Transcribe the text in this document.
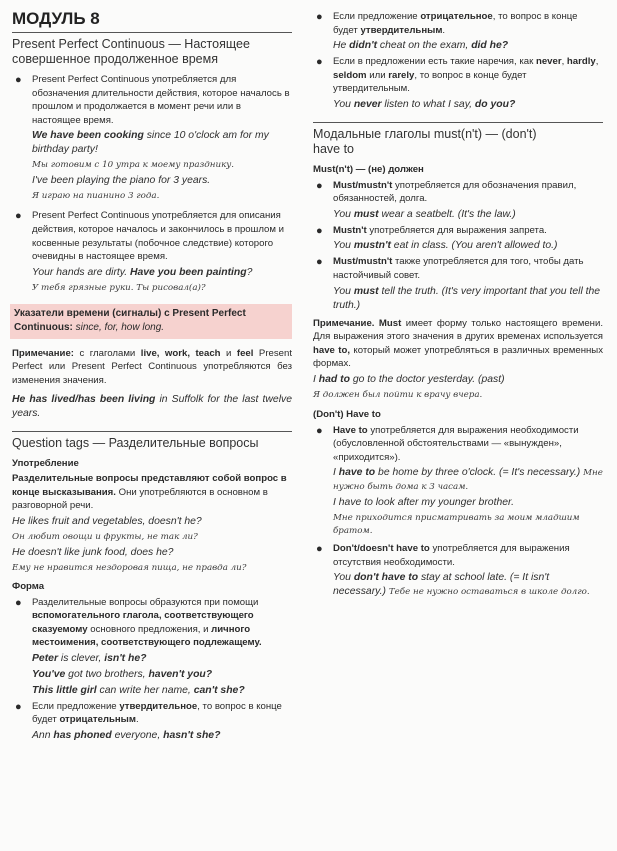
МОДУЛЬ 8
Present Perfect Continuous — Настоящее
совершенное продолженное время
● Present Perfect Continuous употребляется для обозначения длительности действия, которое началось в прошлом и продолжается в момент речи или в настоящее время.

We have been cooking since 10 o'clock am for my birthday party!

Мы готовим с 10 утра к моему празднику.

I've been playing the piano for 3 years.

Я играю на пианино 3 года.

● Present Perfect Continuous употребляется для описания действия, которое началось и закончилось в прошлом и косвенные результаты (побочное следствие) которого очевидны в настоящее время.

Your hands are dirty. Have you been painting?

У тебя грязные руки. Ты рисовал(а)?

Указатели времени (сигналы) с Present Perfect Continuous: since, for, how long.

Примечание: с глаголами live, work, teach и feel Present Perfect или Present Perfect Continuous употребляются без изменения значения.

He has lived/has been living in Suffolk for the last twelve years.

Question tags — Разделительные вопросы

Употребление

Разделительные вопросы представляют собой вопрос в конце высказывания. Они употребляются в основном в разговорной речи.

He likes fruit and vegetables, doesn't he?

Он любит овощи и фрукты, не так ли?

He doesn't like junk food, does he?

Ему не нравится нездоровая пища, не правда ли?

Форма

● Разделительные вопросы образуются при помощи вспомогательного глагола, соответствующего сказуемому основного предложения, и личного местоимения, соответствующего подлежащему.

Peter is clever, isn't he?

You've got two brothers, haven't you?

This little girl can write her name, can't she?

● Если предложение утвердительное, то вопрос в конце будет отрицательным.

Ann has phoned everyone, hasn't she?

● Если предложение отрицательное, то вопрос в конце будет утвердительным.

He didn't cheat on the exam, did he?

● Если в предложении есть такие наречия, как never, hardly, seldom или rarely, то вопрос в конце будет утвердительным.

You never listen to what I say, do you?

Модальные глаголы must(n't) — (don't) have to

Must(n't) — (не) должен

● Must/mustn't употребляется для обозначения правил, обязанностей, долга.

You must wear a seatbelt. (It's the law.)

● Mustn't употребляется для выражения запрета.

You mustn't eat in class. (You aren't allowed to.)

● Must/mustn't также употребляется для того, чтобы дать настойчивый совет.

You must tell the truth. (It's very important that you tell the truth.)

Примечание. Must имеет форму только настоящего времени. Для выражения этого значения в других временах используется have to, который может употребляться в различных временных формах.

I had to go to the doctor yesterday. (past)

Я должен был пойти к врачу вчера.

(Don't) Have to

● Have to употребляется для выражения необходимости (обусловленной обстоятельствами — «вынужден», «приходится»).

I have to be home by three o'clock. (= It's necessary.) Мне нужно быть дома к 3 часам.

I have to look after my younger brother.

Мне приходится присматривать за моим младшим братом.

● Don't/doesn't have to употребляется для выражения отсутствия необходимости.

You don't have to stay at school late. (= It isn't necessary.) Тебе не нужно оставаться в школе долго.
